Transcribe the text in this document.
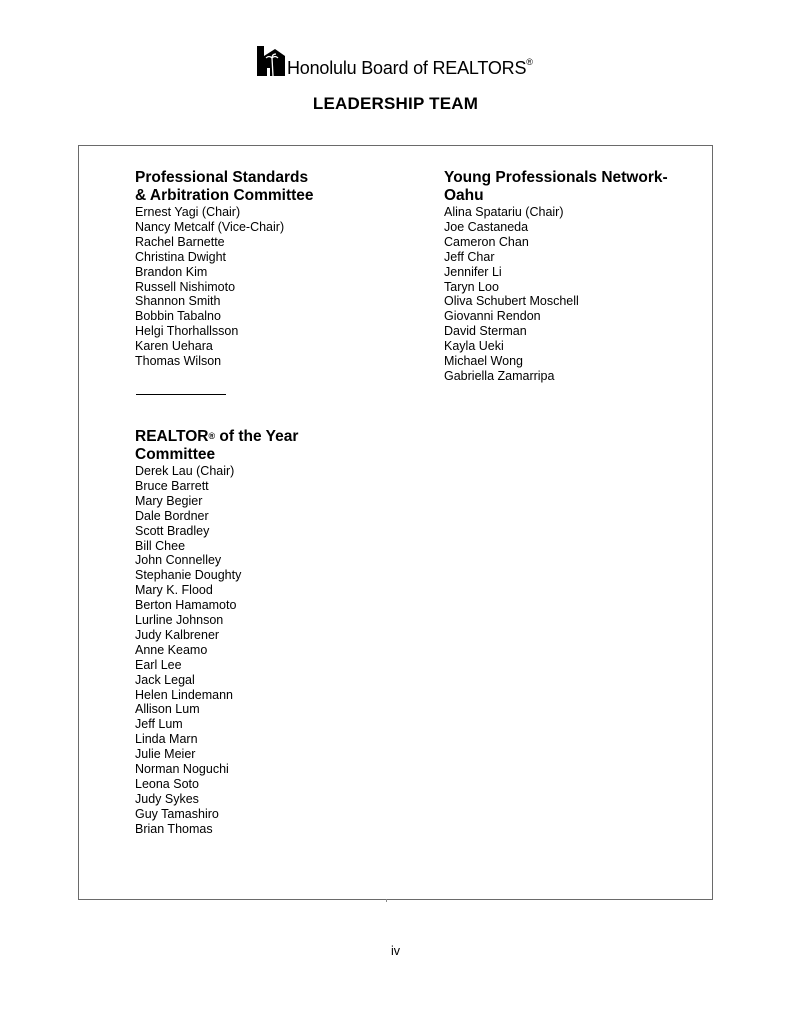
Honolulu Board of REALTORS®
LEADERSHIP TEAM
Professional Standards
& Arbitration Committee
Ernest Yagi (Chair)
Nancy Metcalf (Vice-Chair)
Rachel Barnette
Christina Dwight
Brandon Kim
Russell Nishimoto
Shannon Smith
Bobbin Tabalno
Helgi Thorhallsson
Karen Uehara
Thomas Wilson
REALTOR® of the Year
Committee
Derek Lau (Chair)
Bruce Barrett
Mary Begier
Dale Bordner
Scott Bradley
Bill Chee
John Connelley
Stephanie Doughty
Mary K. Flood
Berton Hamamoto
Lurline Johnson
Judy Kalbrener
Anne Keamo
Earl Lee
Jack Legal
Helen Lindemann
Allison Lum
Jeff Lum
Linda Marn
Julie Meier
Norman Noguchi
Leona Soto
Judy Sykes
Guy Tamashiro
Brian Thomas
Young Professionals Network-
Oahu
Alina Spatariu (Chair)
Joe Castaneda
Cameron Chan
Jeff Char
Jennifer Li
Taryn Loo
Oliva Schubert Moschell
Giovanni Rendon
David Sterman
Kayla Ueki
Michael Wong
Gabriella Zamarripa
iv
